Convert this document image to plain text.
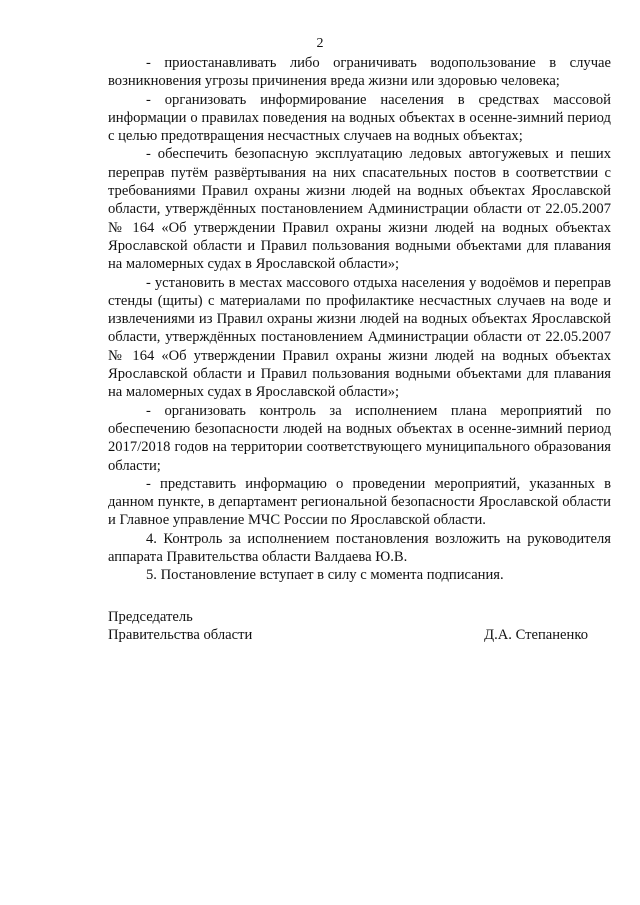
2

- приостанавливать либо ограничивать водопользование в случае возникновения угрозы причинения вреда жизни или здоровью человека;

- организовать информирование населения в средствах массовой информации о правилах поведения на водных объектах в осенне-зимний период с целью предотвращения несчастных случаев на водных объектах;

- обеспечить безопасную эксплуатацию ледовых автогужевых и пеших переправ путём развёртывания на них спасательных постов в соответствии с требованиями Правил охраны жизни людей на водных объектах Ярославской области, утверждённых постановлением Администрации области от 22.05.2007 № 164 «Об утверждении Правил охраны жизни людей на водных объектах Ярославской области и Правил пользования водными объектами для плавания на маломерных судах в Ярославской области»;

- установить в местах массового отдыха населения у водоёмов и переправ стенды (щиты) с материалами по профилактике несчастных случаев на воде и извлечениями из Правил охраны жизни людей на водных объектах Ярославской области, утверждённых постановлением Администрации области от 22.05.2007 № 164 «Об утверждении Правил охраны жизни людей на водных объектах Ярославской области и Правил пользования водными объектами для плавания на маломерных судах в Ярославской области»;

- организовать контроль за исполнением плана мероприятий по обеспечению безопасности людей на водных объектах в осенне-зимний период 2017/2018 годов на территории соответствующего муниципального образования области;

- представить информацию о проведении мероприятий, указанных в данном пункте, в департамент региональной безопасности Ярославской области и Главное управление МЧС России по Ярославской области.

4. Контроль за исполнением постановления возложить на руководителя аппарата Правительства области Валдаева Ю.В.

5. Постановление вступает в силу с момента подписания.

Председатель
Правительства области	Д.А. Степаненко
